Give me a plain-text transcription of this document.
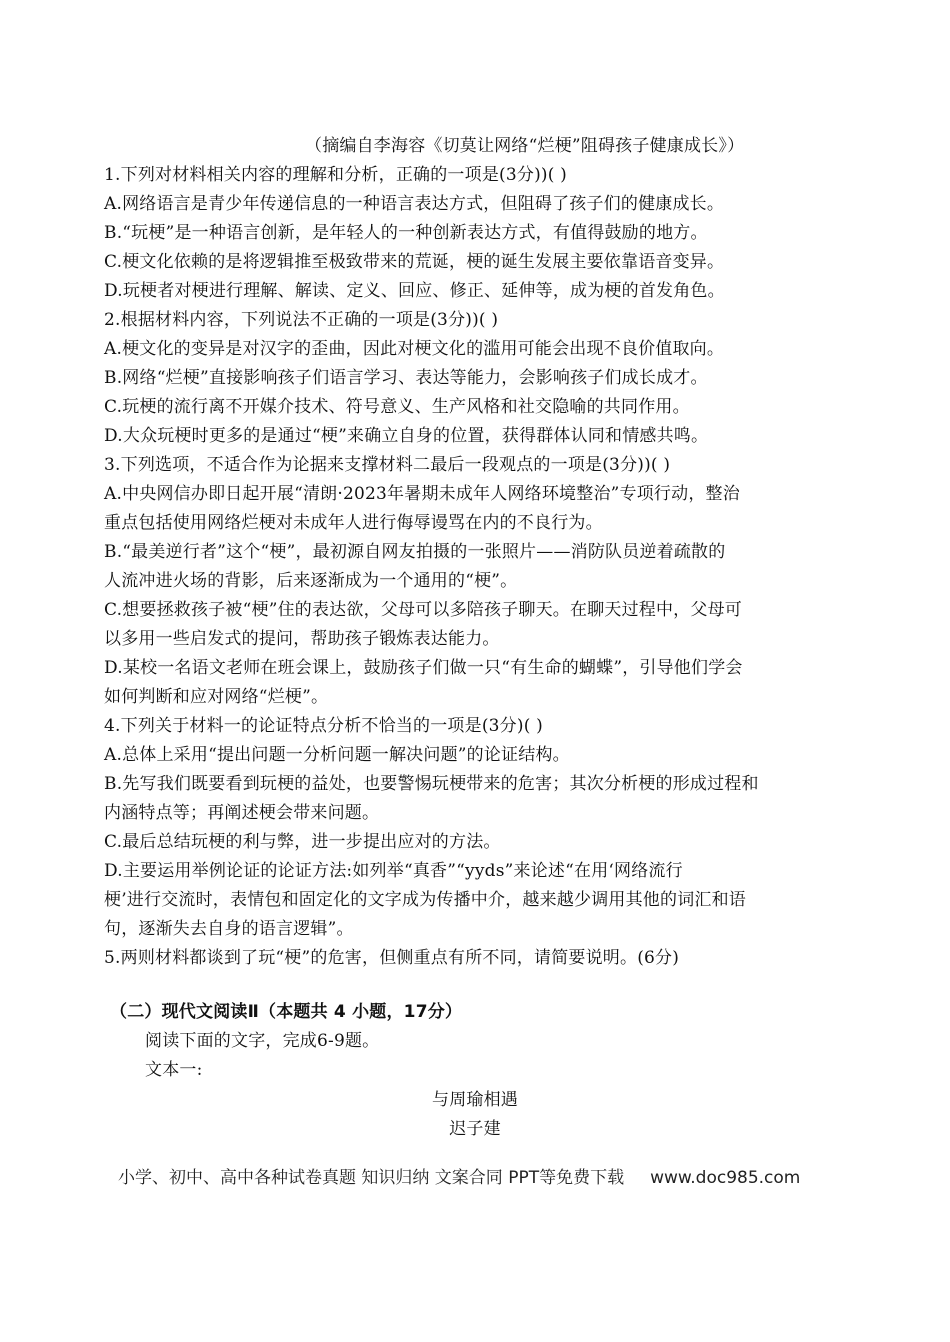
（摘编自李海容《切莫让网络“烂梗”阻碍孩子健康成长》）
1.下列对材料相关内容的理解和分析，正确的一项是(3分))( )
A.网络语言是青少年传递信息的一种语言表达方式，但阻碍了孩子们的健康成长。
B.“玩梗”是一种语言创新，是年轻人的一种创新表达方式，有值得鼓励的地方。
C.梗文化依赖的是将逻辑推至极致带来的荒诞，梗的诞生发展主要依靠语音变异。
D.玩梗者对梗进行理解、解读、定义、回应、修正、延伸等，成为梗的首发角色。
2.根据材料内容，下列说法不正确的一项是(3分))( )
A.梗文化的变异是对汉字的歪曲，因此对梗文化的滥用可能会出现不良价值取向。
B.网络“烂梗”直接影响孩子们语言学习、表达等能力，会影响孩子们成长成才。
C.玩梗的流行离不开媒介技术、符号意义、生产风格和社交隐喻的共同作用。
D.大众玩梗时更多的是通过“梗”来确立自身的位置，获得群体认同和情感共鸣。
3.下列选项，不适合作为论据来支撑材料二最后一段观点的一项是(3分))( )
A.中央网信办即日起开展“清朗·2023年暑期未成年人网络环境整治”专项行动，整治
重点包括使用网络烂梗对未成年人进行侮辱谩骂在内的不良行为。
B.“最美逆行者”这个“梗”，最初源自网友拍摄的一张照片——消防队员逆着疏散的
人流冲进火场的背影，后来逐渐成为一个通用的“梗”。
C.想要拯救孩子被“梗”住的表达欲，父母可以多陪孩子聊天。在聊天过程中，父母可
以多用一些启发式的提问，帮助孩子锻炼表达能力。
D.某校一名语文老师在班会课上，鼓励孩子们做一只“有生命的蝴蝶”，引导他们学会
如何判断和应对网络“烂梗”。
4.下列关于材料一的论证特点分析不恰当的一项是(3分)( )
A.总体上采用“提出问题一分析问题一解决问题”的论证结构。
B.先写我们既要看到玩梗的益处，也要警惕玩梗带来的危害；其次分析梗的形成过程和
内涵特点等；再阐述梗会带来问题。
C.最后总结玩梗的利与弊，进一步提出应对的方法。
D.主要运用举例论证的论证方法:如列举“真香”“yyds”来论述“在用‘网络流行
梗’进行交流时，表情包和固定化的文字成为传播中介，越来越少调用其他的词汇和语
句，逐渐失去自身的语言逻辑”。
5.两则材料都谈到了玩“梗”的危害，但侧重点有所不同，请简要说明。(6分)
（二）现代文阅读Ⅱ（本题共 4 小题，17分）
阅读下面的文字，完成6-9题。
文本一:
与周瑜相遇
迟子建
小学、初中、高中各种试卷真题 知识归纳 文案合同 PPT等免费下载 www.doc985.com
